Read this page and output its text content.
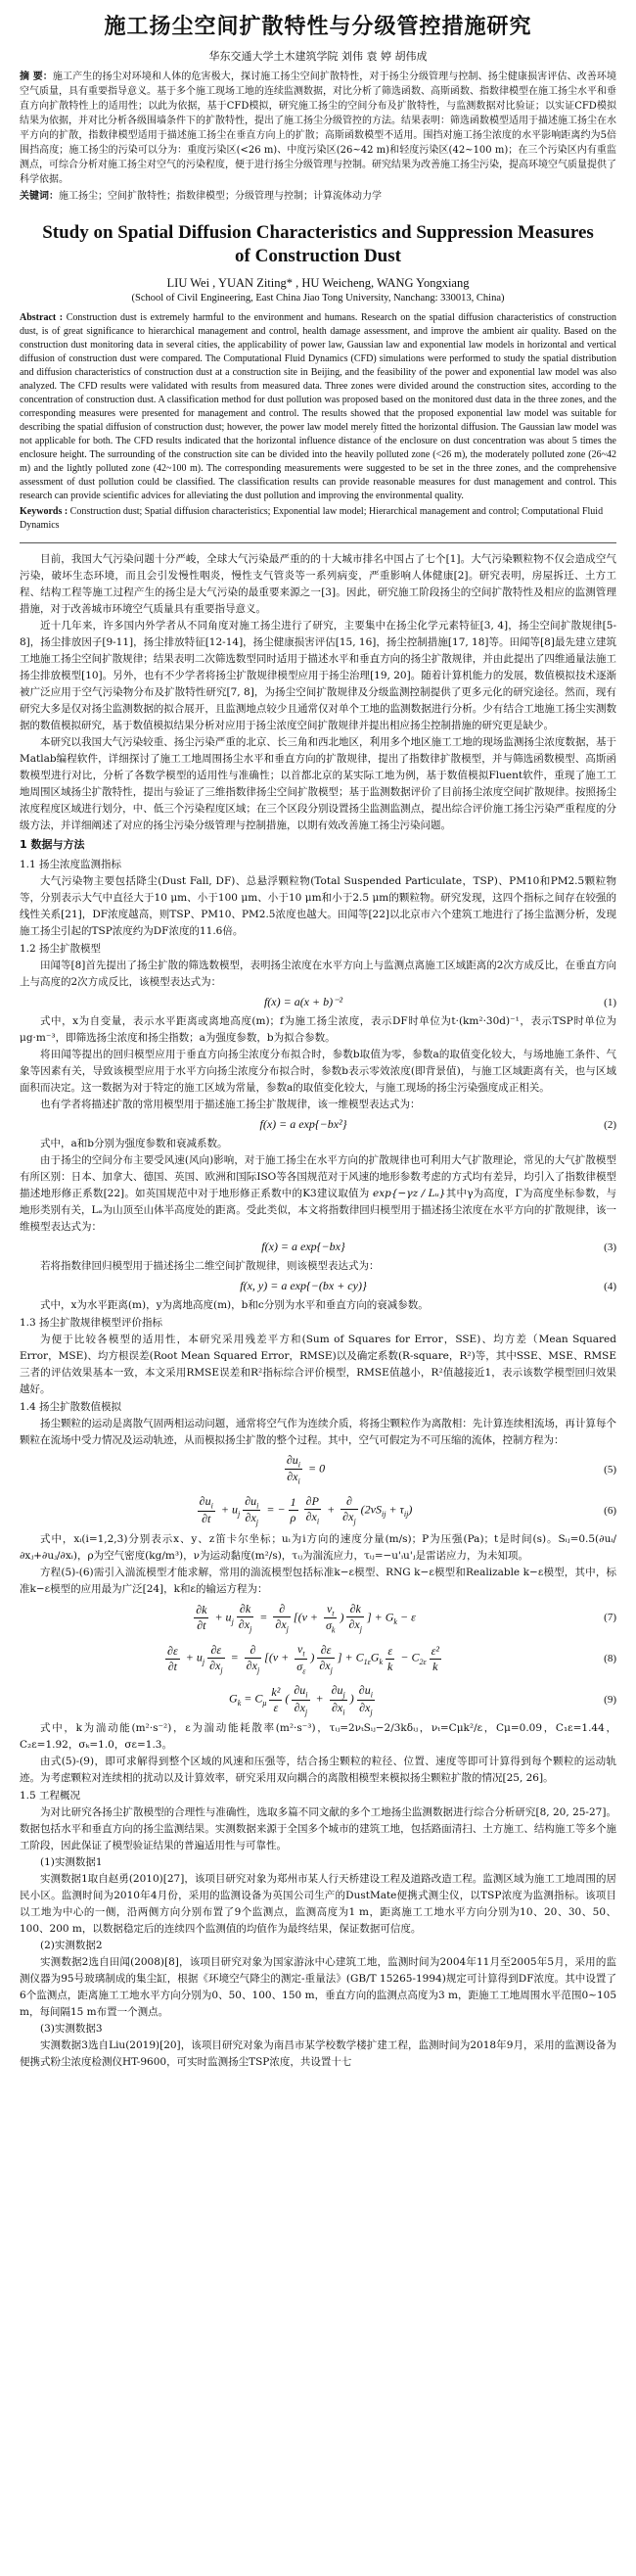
施工扬尘空间扩散特性与分级管控措施研究
华东交通大学土木建筑学院 刘伟 袁 婷 胡伟成
摘 要：施工产生的扬尘对环境和人体的危害极大，探讨施工扬尘空间扩散特性，对于扬尘分级管理与控制、扬尘健康损害评估、改善环境空气质量，具有重要指导意义。基于多个施工现场工地的连续监测数据，对比分析了筛选函数、高斯函数、指数律模型在施工扬尘水平和垂直方向扩散特性上的适用性；以此为依据，基于CFD模拟，研究施工扬尘的空间分布及扩散特性，与监测数据对比验证；以实证CFD模拟结果为依据，并对比分析各级围墙条件下的扩散特性，提出了施工扬尘分级管控的方法。结果表明：筛选函数模型适用于描述施工扬尘在水平方向的扩散，指数律模型适用于描述施工扬尘在垂直方向上的扩散；高斯函数模型不适用。围挡对施工扬尘浓度的水平影响距离约为5倍围挡高度；施工扬尘的污染可以分为：重度污染区(<26 m)、中度污染区(26~42 m)和轻度污染区(42~100 m)；在三个污染区内有重监测点，可综合分析对施工扬尘对空气的污染程度，便于进行扬尘分级管理与控制。研究结果为改善施工扬尘污染，提高环境空气质量提供了科学依据。
关键词：施工扬尘；空间扩散特性；指数律模型；分级管理与控制；计算流体动力学
Study on Spatial Diffusion Characteristics and Suppression Measures of Construction Dust
LIU Wei , YUAN Ziting* , HU Weicheng, WANG Yongxiang
(School of Civil Engineering, East China Jiao Tong University, Nanchang: 330013, China)
Abstract : Construction dust is extremely harmful to the environment and humans. Research on the spatial diffusion characteristics of construction dust, is of great significance to hierarchical management and control, health damage assessment, and improve the ambient air quality. Based on the construction dust monitoring data in several cities, the applicability of power law, Gaussian law and exponential law models in horizontal and vertical diffusion of construction dust were compared. The Computational Fluid Dynamics (CFD) simulations were performed to study the spatial distribution and diffusion characteristics of construction dust at a construction site in Beijing, and the feasibility of the power and exponential law model was also analyzed. The CFD results were validated with results from measured data. Three zones were divided around the construction sites, according to the concentration of construction dust. A classification method for dust pollution was proposed based on the monitored dust data in the three zones, and the corresponding measures were presented for management and control. The results showed that the proposed exponential law model was suitable for describing the spatial diffusion of construction dust; however, the power law model merely fitted the horizontal diffusion. The Gaussian law model was not applicable for both. The CFD results indicated that the horizontal influence distance of the enclosure on dust concentration was about 5 times the enclosure height. The surrounding of the construction site can be divided into the heavily polluted zone (<26 m), the moderately polluted zone (26~42 m) and the lightly polluted zone (42~100 m). The corresponding measurements were suggested to be set in the three zones, and the comprehensive assessment of dust pollution could be classified. The classification results can provide reasonable measures for dust management and control. This research can provide scientific advices for alleviating the dust pollution and improving the environmental quality.
Keywords : Construction dust; Spatial diffusion characteristics; Exponential law model; Hierarchical management and control; Computational Fluid Dynamics

目前，我国大气污染问题十分严峻，全球大气污染最严重的的十大城市排名中国占了七个[1]。大气污染颗粒物不仅会造成空气污染，破坏生态环境，而且会引发慢性咽炎，慢性支气管炎等一系列病变，严重影响人体健康[2]。研究表明，房屋拆迁、土方工程、结构工程等施工过程产生的扬尘是大气污染的最重要来源之一[3]。因此，研究施工阶段扬尘的空间扩散特性及相应的监测管理措施，对于改善城市环境空气质量具有重要指导意义。

近十几年来，许多国内外学者从不同角度对施工扬尘进行了研究，主要集中在扬尘化学元素特征[3, 4]，扬尘空间扩散规律[5-8]，扬尘排放因子[9-11]，扬尘排放特征[12-14]，扬尘健康损害评估[15, 16]，扬尘控制措施[17, 18]等。田闻等[8]最先建立建筑工地施工扬尘空间扩散规律；结果表明二次筛选数型同时适用于描述水平和垂直方向的扬尘扩散规律，并由此提出了四维通量法施工扬尘排放模型[10]。另外，也有不少学者将扬尘扩散规律模型应用于扬尘治理[19, 20]。随着计算机能力的发展，数值模拟技术逐渐被广泛应用于空气污染物分布及扩散特性研究[7, 8]，为扬尘空间扩散规律及分级监测控制提供了更多元化的研究途径。然而，现有研究大多是仅对扬尘监测数据的拟合展开，且监测地点较少且通常仅对单个工地的监测数据进行分析。少有结合工地施工扬尘实测数据的数值模拟研究，基于数值模拟结果分析对应用于扬尘浓度空间扩散规律并提出相应扬尘控制措施的研究更是缺少。

本研究以我国大气污染较重、扬尘污染严重的北京、长三角和西北地区，利用多个地区施工工地的现场监测扬尘浓度数据，基于Matlab编程软件，详细探讨了施工工地周围扬尘水平和垂直方向的扩散规律，提出了指数律扩散模型，并与筛选函数模型、高斯函数模型进行对比，分析了各数学模型的适用性与准确性；以首都北京的某实际工地为例，基于数值模拟Fluent软件，重现了施工工地周围区域扬尘扩散特性，提出与验证了三维指数律扬尘空间扩散模型；基于监测数据评价了目前扬尘浓度空间扩散规律。按照扬尘浓度程度区域进行划分，中、低三个污染程度区域；在三个区段分别设置扬尘监测监测点，提出综合评价施工扬尘污染严重程度的分级方法，并详细阐述了对应的扬尘污染分级管理与控制措施，以期有效改善施工扬尘污染问题。

1 数据与方法
1.1 扬尘浓度监测指标

大气污染物主要包括降尘(Dust Fall, DF)、总悬浮颗粒物(Total Suspended Particulate，TSP)、PM10和PM2.5颗粒物等，分别表示大气中直径大于10 μm、小于100 μm、小于10 μm和小于2.5 μm的颗粒物。研究发现，这四个指标之间存在较强的线性关系[21]，DF浓度越高，则TSP、PM10、PM2.5浓度也越大。田闻等[22]以北京市六个建筑工地进行了扬尘监测分析，发现施工扬尘引起的TSP浓度约为DF浓度的11.6倍。

1.2 扬尘扩散模型

田闻等[8]首先提出了扬尘扩散的筛选数模型，表明扬尘浓度在水平方向上与监测点离施工区域距离的2次方成反比，在垂直方向上与高度的2次方成反比，该模型表达式为：

f(x) = a(x + b)⁻²	(1)

式中，x为自变量，表示水平距离或离地高度(m)；f为施工扬尘浓度，表示DF时单位为t·(km²·30d)⁻¹，表示TSP时单位为μg·m⁻³，即筛选扬尘浓度和扬尘指数；a为强度参数，b为拟合参数。

将田闻等提出的回归模型应用于垂直方向扬尘浓度分布拟合时，参数b取值为零，参数a的取值变化较大，与场地施工条件、气象等因素有关，导致该模型应用于水平方向扬尘浓度分布拟合时，参数b表示零效浓度(即背景值)，与施工区域距离有关，也与区域面积而决定。这一数据为对于特定的施工区域为常量，参数a的取值变化较大，与施工现场的扬尘污染强度成正相关。

也有学者将描述扩散的常用模型用于描述施工扬尘扩散规律，该一维模型表达式为：

f(x) = a exp{−bx²}	(2)

式中，a和b分别为强度参数和衰减系数。

由于扬尘的空间分布主要受风速(风向)影响，对于施工扬尘在水平方向的扩散规律也可利用大气扩散理论，常见的大气扩散模型有所区别：日本、加拿大、德国、英国、欧洲和国际ISO等各国规范对于风速的地形参数考虑的方式均有差异，均引入了指数律模型描述地形修正系数[22]。如英国规范中对于地形修正系数中的K3建议取值为 exp{−γz / Lᵤ}其中γ为高度，Γ为高度坐标参数，与地形类别有关，Lₐ为山顶至山体半高度处的距离。受此类似，本文将指数律回归模型用于描述扬尘浓度在水平方向的扩散规律，该一维模型表达式为：

f(x) = a exp{−bx}	(3)

若将指数律回归模型用于描述扬尘二维空间扩散规律，则该模型表达式为：

f(x, y) = a exp{−(bx + cy)}	(4)

式中，x为水平距离(m)，y为离地高度(m)，b和c分别为水平和垂直方向的衰减参数。

1.3 扬尘扩散规律模型评价指标

为便于比较各模型的适用性，本研究采用残差平方和(Sum of Squares for Error，SSE)、均方差（Mean Squared Error，MSE)、均方根误差(Root Mean Squared Error，RMSE)以及确定系数(R-square，R²)等，其中SSE、MSE、RMSE三者的评估效果基本一致，本文采用RMSE误差和R²指标综合评价模型，RMSE值越小，R²值越接近1，表示该数学模型回归效果越好。

1.4 扬尘扩散数值模拟

扬尘颗粒的运动是离散气固两相运动问题，通常将空气作为连续介质，将扬尘颗粒作为离散相：先计算连续相流场，再计算每个颗粒在流场中受力情况及运动轨迹，从而模拟扬尘扩散的整个过程。其中，空气可假定为不可压缩的流体，控制方程为：

$\frac{\partial u_i}{\partial x_i} = 0$	(5)
$\frac{\partial u_i}{\partial t} + u_j \frac{\partial u_i}{\partial x_j}$ = − $\frac{1}{\rho} \frac{\partial P}{\partial x_i} + \frac{\partial}{\partial x_j} (2\nu S_{ij} + \tau_{ij})$	(6)

式中，xᵢ(i=1,2,3)分别表示x、y、z笛卡尔坐标；uᵢ为i方向的速度分量(m/s)；P为压强(Pa)；t是时间(s)。Sᵢⱼ=0.5(∂uᵢ/∂xⱼ+∂uⱼ/∂xᵢ)，ρ为空气密度(kg/m³)，ν为运动黏度(m²/s)，τᵢⱼ为湍流应力，τᵢⱼ=−u'ᵢu'ⱼ是雷诺应力，为未知项。

方程(5)-(6)需引入湍流模型才能求解，常用的湍流模型包括标准k−ε模型、RNG k−ε模型和Realizable k−ε模型，其中，标准k−ε模型的应用最为广泛[24]，k和ε的输运方程为：

$\frac{\partial k}{\partial t} + u_j \frac{\partial k}{\partial x_j} = \frac{\partial}{\partial x_j} [(\nu + \frac{\nu_t}{\sigma_k}$ ) $\frac{\partial k}{\partial x_j}$ ] + $G_k - \varepsilon$	(7)
$\frac{\partial\varepsilon}{\partial t} + u_j \frac{\partial\varepsilon}{\partial x_j} = \frac{\partial}{\partial x_j} [(\nu + \frac{\nu_t}{\sigma_\varepsilon}$ ) $\frac{\partial\varepsilon}{\partial x_j}$ ] + $C_{1\varepsilon}G_k \frac{\varepsilon}{k} - C_{2\varepsilon} \frac{\text{ε²}}{k}$	(8)
$G_k = C_\mu \frac{\text{k²}}{\varepsilon}$ ( $\frac{\partial u_i}{\partial x_j} + \frac{\partial u_j}{\partial x_i}$ ) $\frac{\partial u_i}{\partial x_j}$	(9)

式中，k为湍动能(m²·s⁻²)，ε为湍动能耗散率(m²·s⁻³)，τᵢⱼ=2νₜSᵢⱼ−2/3kδᵢⱼ，νₜ=Cμk²/ε，Cμ=0.09，C₁ε=1.44，C₂ε=1.92，σₖ=1.0，σε=1.3。

由式(5)-(9)，即可求解得到整个区域的风速和压强等，结合扬尘颗粒的粒径、位置、速度等即可计算得到每个颗粒的运动轨迹。为考虑颗粒对连续相的扰动以及计算效率，研究采用双向耦合的离散相模型来模拟扬尘颗粒扩散的情况[25, 26]。

1.5 工程概况

为对比研究各扬尘扩散模型的合理性与准确性，选取多篇不同文献的多个工地扬尘监测数据进行综合分析研究[8, 20, 25-27]。数据包括水平和垂直方向的扬尘监测结果。实测数据来源于全国多个城市的建筑工地，包括路面清扫、土方施工、结构施工等多个施工阶段，因此保证了模型验证结果的普遍适用性与可靠性。

(1)实测数据1

实测数据1取自赵勇(2010)[27]，该项目研究对象为郑州市某人行天桥建设工程及道路改造工程。监测区域为施工工地周围的居民小区。监测时间为2010年4月份，采用的监测设备为英国公司生产的DustMate便携式测尘仪，以TSP浓度为监测指标。该项目以工地为中心的一侧，沿两侧方向分别布置了9个监测点，监测高度为1 m，距离施工工地水平方向分别为10、20、30、50、100、200 m，以数据稳定后的连续四个监测值的均值作为最终结果，保证数据可信度。

(2)实测数据2

实测数据2选自田闻(2008)[8]，该项目研究对象为国家游泳中心建筑工地，监测时间为2004年11月至2005年5月，采用的监测仪器为95号玻璃制成的集尘缸，根据《环境空气降尘的测定-重量法》(GB/T 15265-1994)规定可计算得到DF浓度。其中设置了6个监测点，距离施工工地水平方向分别为0、50、100、150 m，垂直方向的监测点高度为3 m，距施工工地周围水平范围0~105 m，每间隔15 m布置一个测点。

(3)实测数据3

实测数据3选自Liu(2019)[20]，该项目研究对象为南昌市某学校数学楼扩建工程，监测时间为2018年9月，采用的监测设备为便携式粉尘浓度检测仪HT-9600，可实时监测扬尘TSP浓度，共设置十七
